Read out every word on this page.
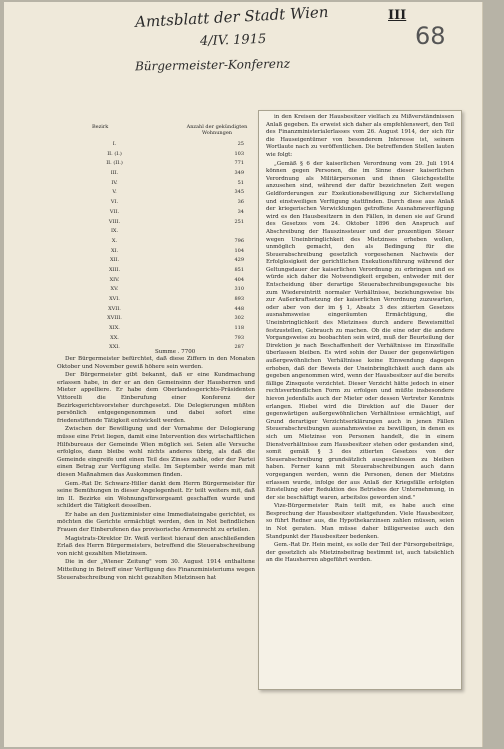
Amtsblatt der Stadt Wien
4/IV. 1915
Bürgermeister-Konferenz
III
68
Bezirk	Anzahl der gekündigten Wohnungen
I.	25
II. (I.)	103
II. (II.)	771
III.	349
IV.	51
V.	345
VI.	36
VII.	34
VIII.	251
IX.
X.	796
XI.	104
XII.	429
XIII.	851
XIV.	404
XV.	310
XVI.	893
XVII.	448
XVIII.	302
XIX.	118
XX.	793
XXI.	287
Summe . 7700

Der Bürgermeister befürchtet, daß diese Ziffern in den Monaten Oktober und November gewiß höhere sein werden.

Der Bürgermeister gibt bekannt, daß er eine Kundmachung erlassen habe, in der er an den Gemeinsinn der Hausherren und Mieter appelliere. Er habe dem Oberlandesgerichts-Präsidenten Vittorelli die Einberufung einer Konferenz der Bezirksgerichtsvorsteher durchgesetzt. Die Delegierungen müßten persönlich entgegengenommen und dabei sofort eine friedenstiftende Tätigkeit entwickelt werden.

Zwischen der Bewilligung und der Vornahme der Delogierung müsse eine Frist liegen, damit eine Intervention des wirtschaftlichen Hilfsbureaus der Gemeinde Wien möglich sei. Seien alle Versuche erfolglos, dann bleibe wohl nichts anderes übrig, als daß die Gemeinde eingreife und einen Teil des Zinses zahle, oder der Partei einen Betrag zur Verfügung stelle. Im September werde man mit diesen Maßnahmen das Auskommen finden.

Gem.-Rat Dr. Schwarz-Hiller dankt dem Herrn Bürgermeister für seine Bemühungen in dieser Angelegenheit. Er teilt weiters mit, daß im II. Bezirke ein Wohnungsfürsorgeamt geschaffen wurde und schildert die Tätigkeit desselben.

Er habe an den Justizminister eine Immediateingabe gerichtet, es möchten die Gerichte ermächtigt werden, den in Not befindlichen Frauen der Einberufenen das provisorische Armenrecht zu erteilen.

Magistrats-Direktor Dr. Weiß verliest hierauf den anschließenden Erlaß des Herrn Bürgermeisters, betreffend die Steuerabschreibung von nicht gezahlten Mietzinsen.

Die in der „Wiener Zeitung" vom 30. August 1914 enthaltene Mitteilung in Betreff einer Verfügung des Finanzministeriums wegen Steuerabschreibung von nicht gezahlten Mietzinsen hat

in den Kreisen der Hausbesitzer vielfach zu Mißverständnissen Anlaß gegeben. Es erweist sich daher als empfehlenswert, den Teil des Finanzministerialerlasses vom 26. August 1914, der sich für die Hauseigentümer von besonderem Interesse ist, seinem Wortlaute nach zu veröffentlichen. Die betreffenden Stellen lauten wie folgt:

„Gemäß § 6 der kaiserlichen Verordnung vom 29. Juli 1914 können gegen Personen, die im Sinne dieser kaiserlichen Verordnung als Militärpersonen und ihnen Gleichgestellte anzusehen sind, während der dafür bezeichneten Zeit wegen Geldforderungen zur Exekutionsbewilligung zur Sicherstellung und einstweiligen Verfügung stattfinden. Durch diese aus Anlaß der kriegerischen Verwicklungen getroffene Ausnahmeverfügung wird es den Hausbesitzern in den Fällen, in denen sie auf Grund des Gesetzes vom 24. Oktober 1896 den Anspruch auf Abschreibung der Hauszinssteuer und der prozentigen Steuer wegen Uneinbringlichkeit des Mietzinses erheben wollen, unmöglich gemacht, den als Bedingung für die Steuerabschreibung gesetzlich vorgesehenen Nachweis der Erfolglosigkeit der gerichtlichen Exekutionsführung während der Geltungsdauer der kaiserlichen Verordnung zu erbringen und es würde sich daher die Notwendigkeit ergeben, entweder mit der Entscheidung über derartige Steuerabschreibungsgesuche bis zum Wiedereintritt normaler Verhältnisse, beziehungsweise bis zur Außerkraftsetzung der kaiserlichen Verordnung zuzuwarten, oder aber von der im § 1, Absatz 3 des zitierten Gesetzes ausnahmsweise eingeräumten Ermächtigung, die Uneinbringlichkeit des Mietzinses durch andere Beweismittel festzustellen, Gebrauch zu machen. Ob die eine oder die andere Vorgangsweise zu beobachten sein wird, muß der Beurteilung der Direktion je nach Beschaffenheit der Verhältnisse im Einzelfalle überlassen bleiben. Es wird sohin der Dauer der gegenwärtigen außergewöhnlichen Verhältnisse keine Einwendung dagegen erhoben, daß der Beweis der Uneinbringlichkeit auch dann als gegeben angenommen wird, wenn der Hausbesitzer auf die bereits fällige Zinsquote verzichtet. Dieser Verzicht hätte jedoch in einer rechtsverbindlichen Form zu erfolgen und müßte insbesondere hievon jedenfalls auch der Mieter oder dessen Vertreter Kenntnis erlangen. Hiebei wird die Direktion auf die Dauer der gegenwärtigen außergewöhnlichen Verhältnisse ermächtigt, auf Grund derartiger Verzichtserklärungen auch in jenen Fällen Steuerabschreibungen ausnahmsweise zu bewilligen, in denen es sich um Mietzinse von Personen handelt, die in einem Dienstverhältnisse zum Hausbesitzer stehen oder gestanden sind, somit gemäß § 3 des zitierten Gesetzes von der Steuerabschreibung grundsätzlich ausgeschlossen zu bleiben haben. Ferner kann mit Steuerabschreibungen auch dann vorgegangen werden, wenn die Personen, denen der Mietzins erlassen wurde, infolge der aus Anlaß der Kriegsfälle erfolgten Einstellung oder Reduktion des Betriebes der Unternehmung, in der sie beschäftigt waren, arbeitslos geworden sind."

Vize-Bürgermeister Rain teilt mit, es habe auch eine Besprechung der Hausbesitzer stattgefunden. Viele Hausbesitzer, so führt Redner aus, die Hypothekarzinsen zahlen müssen, seien in Not geraten. Man müsse daher billigerweise auch den Standpunkt der Hausbesitzer bedenken.

Gem.-Rat Dr. Hein meint, es solle der Teil der Fürsorgebeiträge, der gesetzlich als Mietzinsbeitrag bestimmt ist, auch tatsächlich an die Hausherren abgeführt werden.
